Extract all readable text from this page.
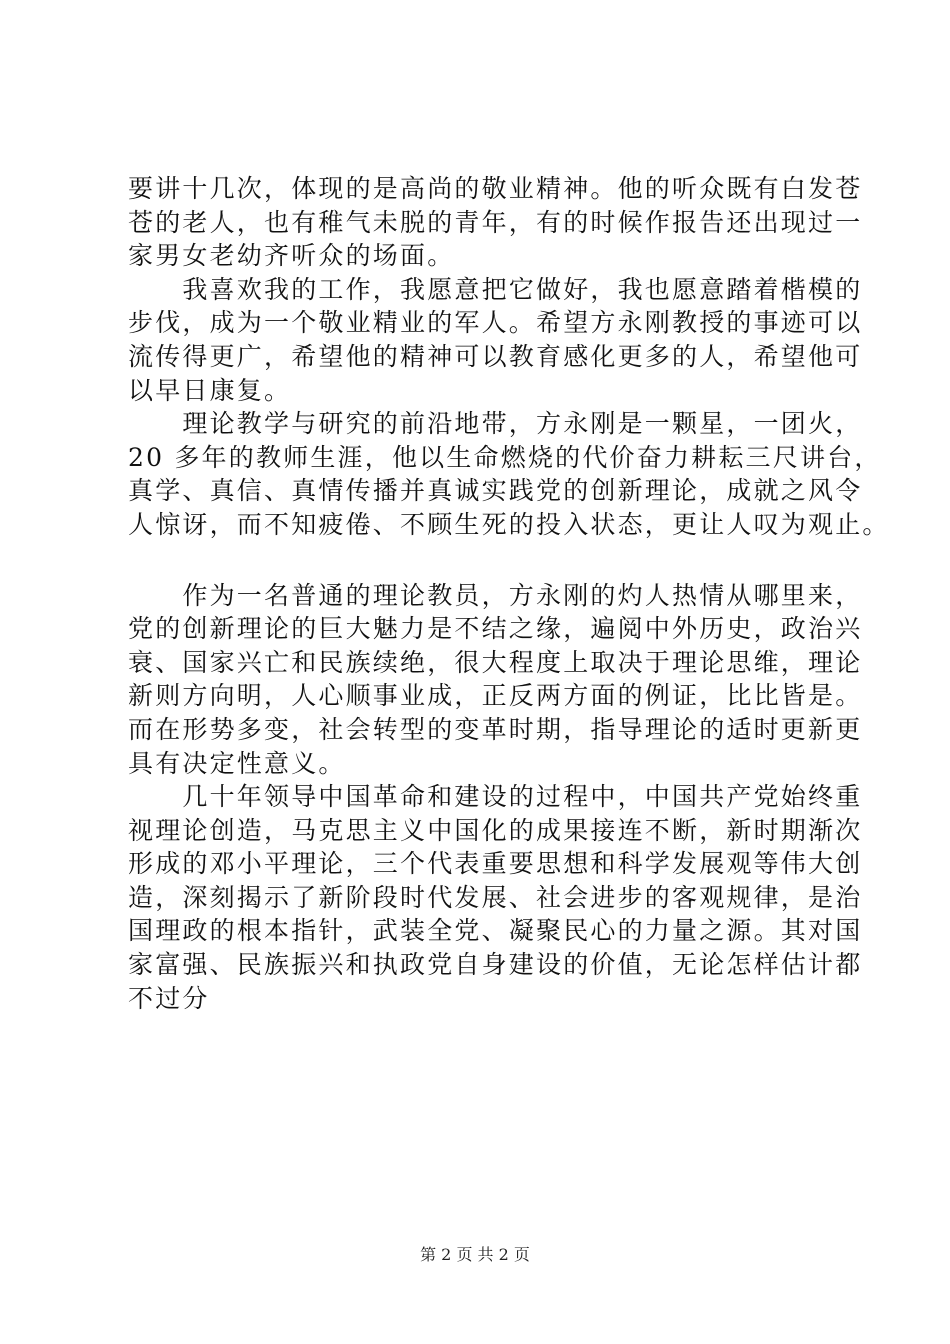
要讲十几次，体现的是高尚的敬业精神。他的听众既有白发苍
苍的老人，也有稚气未脱的青年，有的时候作报告还出现过一
家男女老幼齐听众的场面。
　　我喜欢我的工作，我愿意把它做好，我也愿意踏着楷模的
步伐，成为一个敬业精业的军人。希望方永刚教授的事迹可以
流传得更广，希望他的精神可以教育感化更多的人，希望他可
以早日康复。
　　理论教学与研究的前沿地带，方永刚是一颗星，一团火，
20 多年的教师生涯，他以生命燃烧的代价奋力耕耘三尺讲台，
真学、真信、真情传播并真诚实践党的创新理论，成就之风令
人惊讶，而不知疲倦、不顾生死的投入状态，更让人叹为观止。
　　作为一名普通的理论教员，方永刚的灼人热情从哪里来，
党的创新理论的巨大魅力是不结之缘，遍阅中外历史，政治兴
衰、国家兴亡和民族续绝，很大程度上取决于理论思维，理论
新则方向明，人心顺事业成，正反两方面的例证，比比皆是。
而在形势多变，社会转型的变革时期，指导理论的适时更新更
具有决定性意义。
　　几十年领导中国革命和建设的过程中，中国共产党始终重
视理论创造，马克思主义中国化的成果接连不断，新时期渐次
形成的邓小平理论，三个代表重要思想和科学发展观等伟大创
造，深刻揭示了新阶段时代发展、社会进步的客观规律，是治
国理政的根本指针，武装全党、凝聚民心的力量之源。其对国
家富强、民族振兴和执政党自身建设的价值，无论怎样估计都
不过分
第 2 页 共 2 页
